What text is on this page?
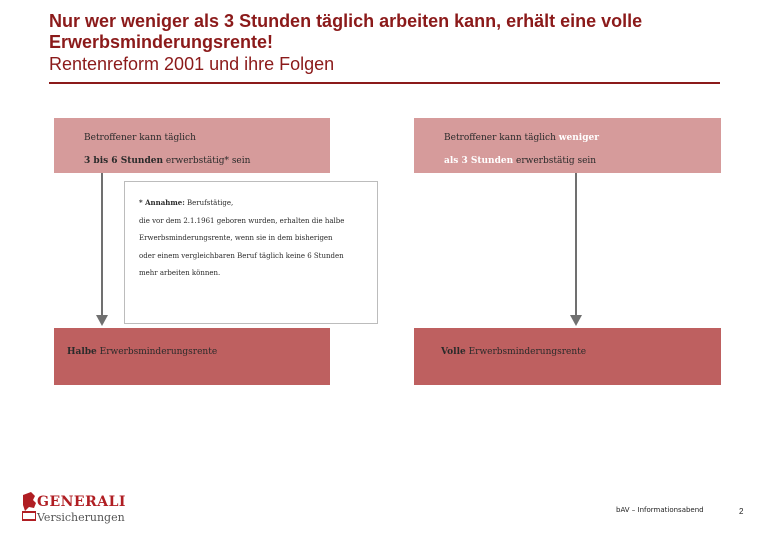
Nur wer weniger als 3 Stunden täglich arbeiten kann, erhält eine volle
Erwerbsminderungsrente!
Rentenreform 2001 und ihre Folgen
Betroffener kann täglich
3 bis 6 Stunden erwerbstätig* sein
Betroffener kann täglich weniger
als 3 Stunden erwerbstätig sein
* Annahme: Berufstätige,
die vor dem 2.1.1961 geboren wurden, erhalten die halbe
Erwerbsminderungsrente, wenn sie in dem bisherigen
oder einem vergleichbaren Beruf täglich keine 6 Stunden
mehr arbeiten können.
Halbe Erwerbsminderungsrente	Volle Erwerbsminderungsrente
GENERALI
Versicherungen
bAV – Informationsabend	2
